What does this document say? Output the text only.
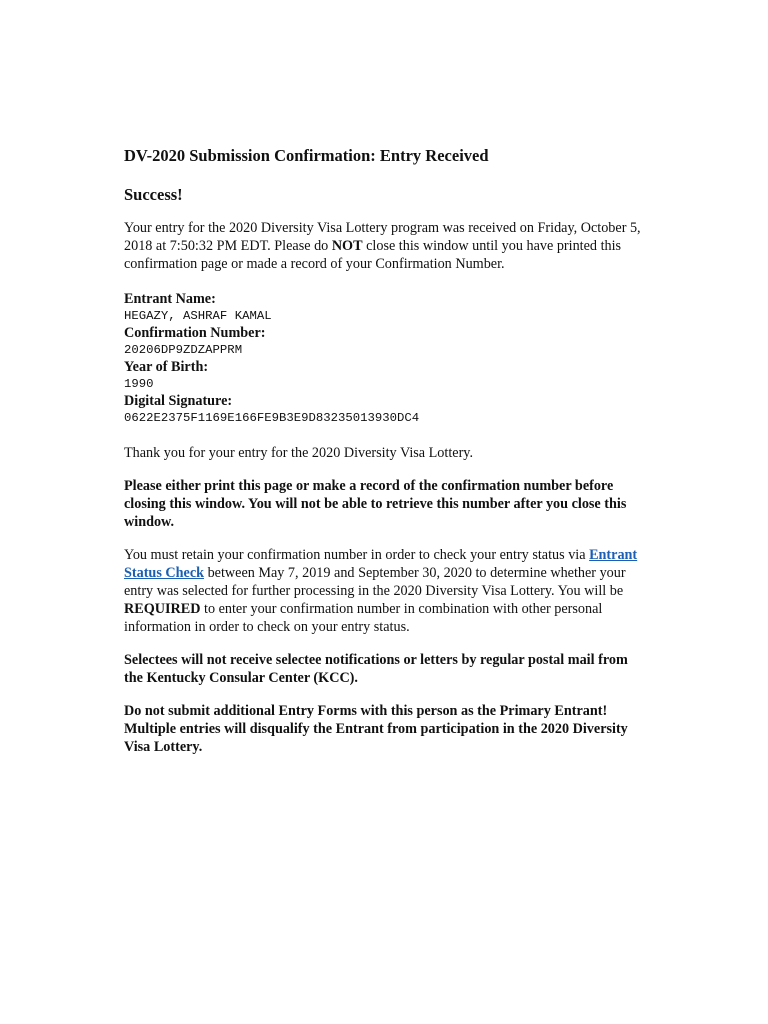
DV-2020 Submission Confirmation: Entry Received
Success!

Your entry for the 2020 Diversity Visa Lottery program was received on Friday, October 5, 2018 at 7:50:32 PM EDT. Please do NOT close this window until you have printed this confirmation page or made a record of your Confirmation Number.

Entrant Name:
HEGAZY, ASHRAF KAMAL
Confirmation Number:
20206DP9ZDZAPPRM
Year of Birth:
1990
Digital Signature:
0622E2375F1169E166FE9B3E9D83235013930DC4

Thank you for your entry for the 2020 Diversity Visa Lottery.

Please either print this page or make a record of the confirmation number before closing this window. You will not be able to retrieve this number after you close this window.

You must retain your confirmation number in order to check your entry status via Entrant Status Check between May 7, 2019 and September 30, 2020 to determine whether your entry was selected for further processing in the 2020 Diversity Visa Lottery. You will be REQUIRED to enter your confirmation number in combination with other personal information in order to check on your entry status.

Selectees will not receive selectee notifications or letters by regular postal mail from the Kentucky Consular Center (KCC).

Do not submit additional Entry Forms with this person as the Primary Entrant! Multiple entries will disqualify the Entrant from participation in the 2020 Diversity Visa Lottery.
